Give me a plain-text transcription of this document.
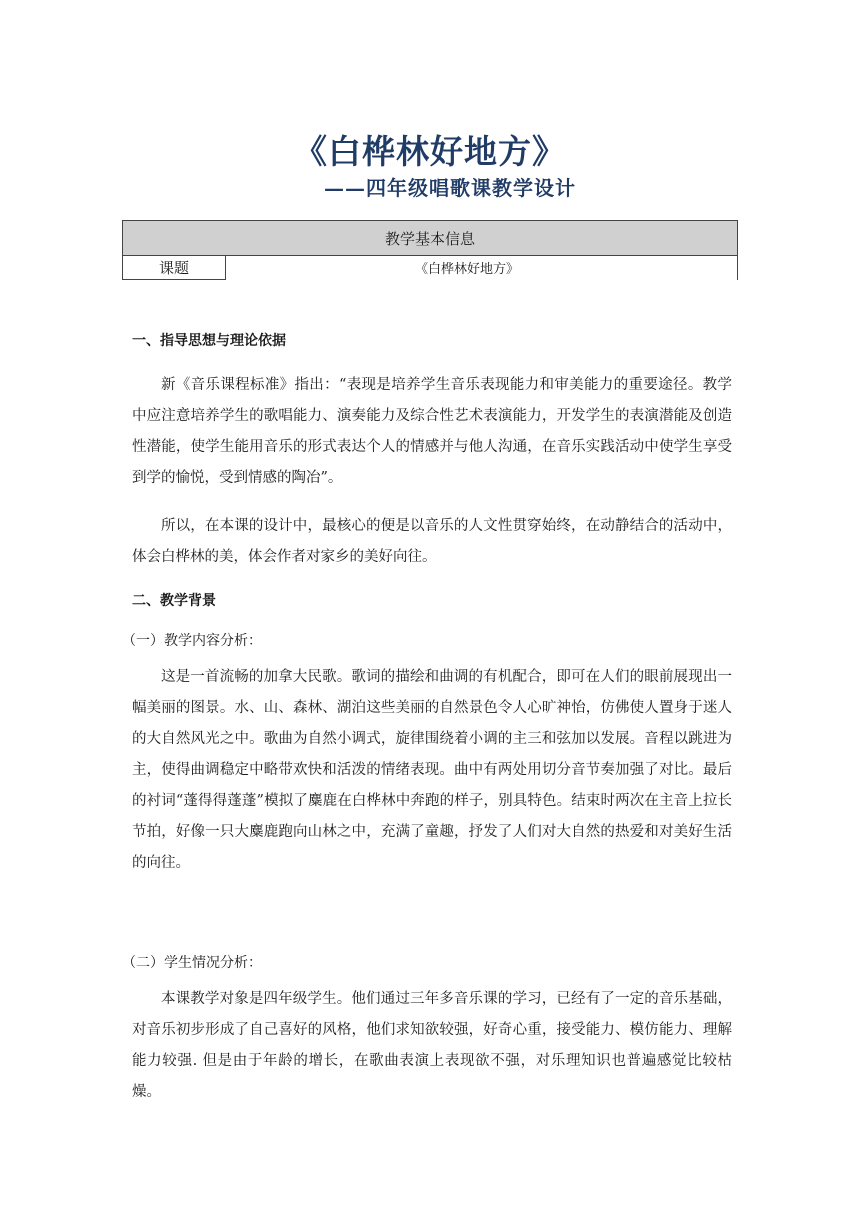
《白桦林好地方》
——四年级唱歌课教学设计
教学基本信息
课题	《白桦林好地方》
一、指导思想与理论依据

新《音乐课程标准》指出：“表现是培养学生音乐表现能力和审美能力的重要途径。教学中应注意培养学生的歌唱能力、演奏能力及综合性艺术表演能力，开发学生的表演潜能及创造性潜能，使学生能用音乐的形式表达个人的情感并与他人沟通，在音乐实践活动中使学生享受到学的愉悦，受到情感的陶冶”。

所以，在本课的设计中，最核心的便是以音乐的人文性贯穿始终，在动静结合的活动中，体会白桦林的美，体会作者对家乡的美好向往。

二、教学背景
（一）教学内容分析：

这是一首流畅的加拿大民歌。歌词的描绘和曲调的有机配合，即可在人们的眼前展现出一幅美丽的图景。水、山、森林、湖泊这些美丽的自然景色令人心旷神怡，仿佛使人置身于迷人的大自然风光之中。歌曲为自然小调式，旋律围绕着小调的主三和弦加以发展。音程以跳进为主，使得曲调稳定中略带欢快和活泼的情绪表现。曲中有两处用切分音节奏加强了对比。最后的衬词“蓬得得蓬蓬”模拟了麋鹿在白桦林中奔跑的样子，别具特色。结束时两次在主音上拉长节拍，好像一只大麋鹿跑向山林之中，充满了童趣，抒发了人们对大自然的热爱和对美好生活的向往。

（二）学生情况分析：

本课教学对象是四年级学生。他们通过三年多音乐课的学习，已经有了一定的音乐基础，对音乐初步形成了自己喜好的风格，他们求知欲较强，好奇心重，接受能力、模仿能力、理解能力较强. 但是由于年龄的增长，在歌曲表演上表现欲不强，对乐理知识也普遍感觉比较枯燥。
